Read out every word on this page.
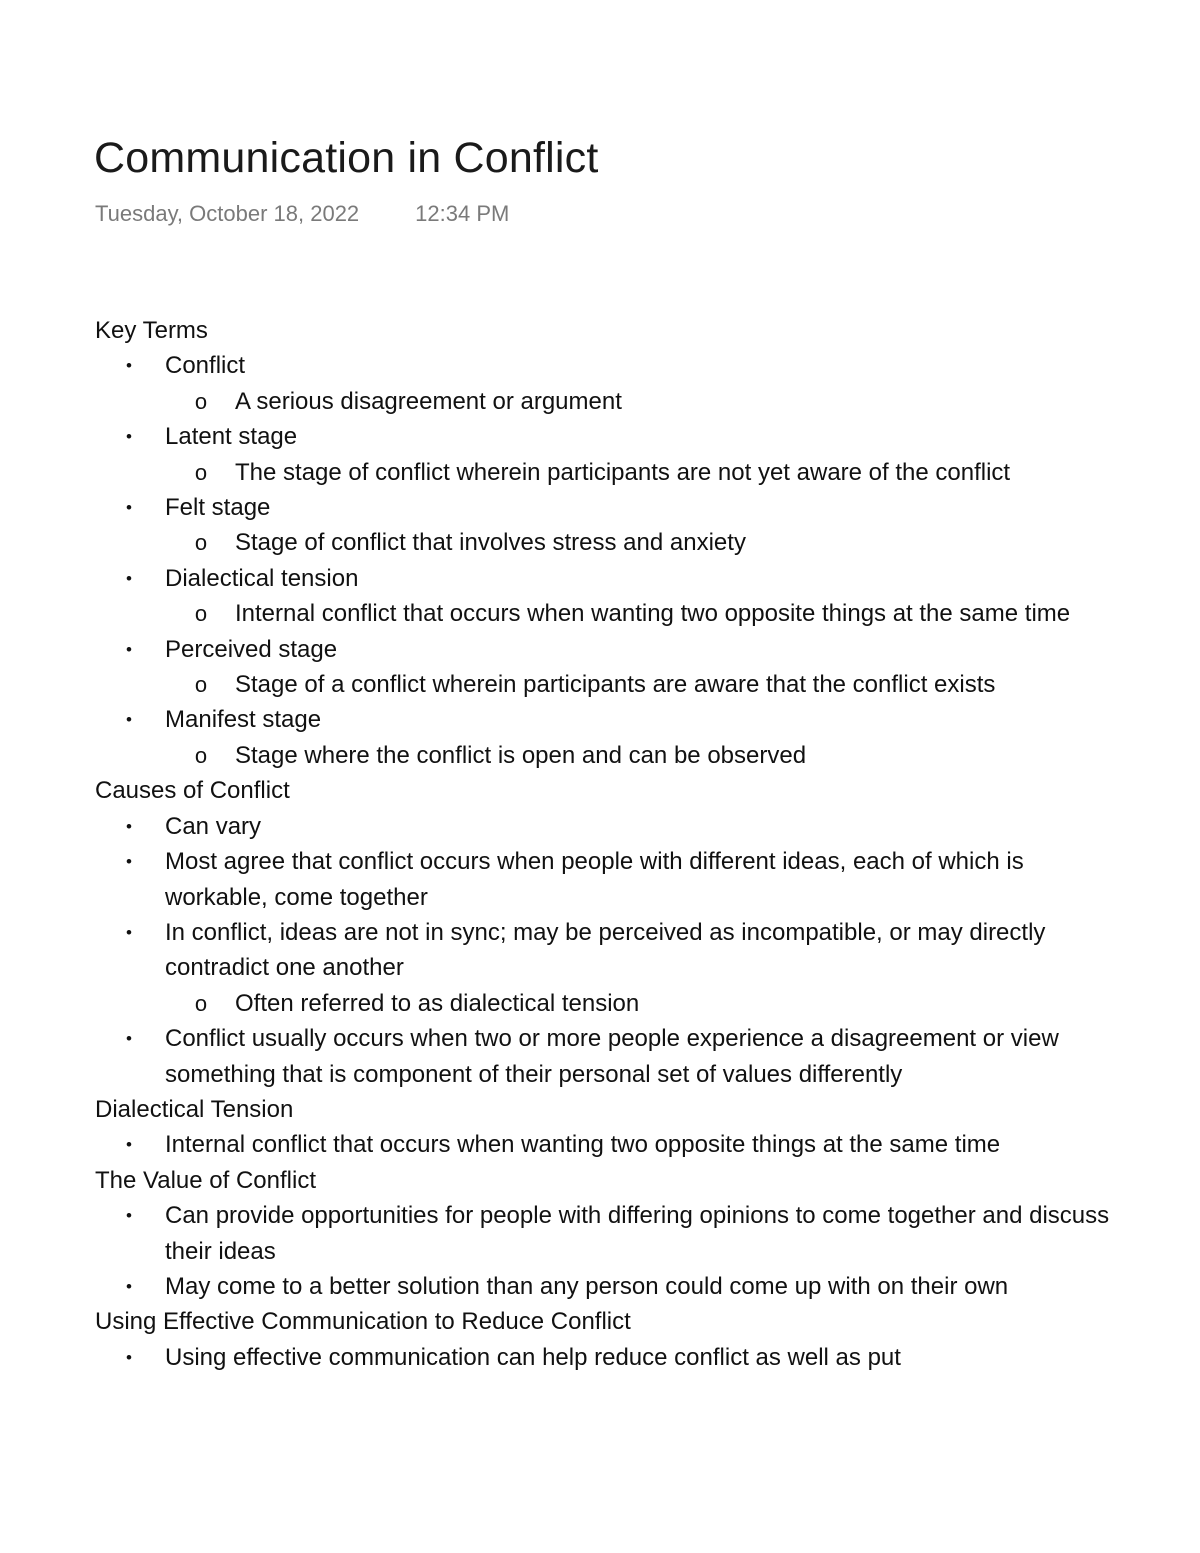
Communication in Conflict
Tuesday, October 18, 2022	12:34 PM
Key Terms
•	Conflict
o A serious disagreement or argument
•	Latent stage
o The stage of conflict wherein participants are not yet aware of the conflict
•	Felt stage
o Stage of conflict that involves stress and anxiety
•	Dialectical tension
o Internal conflict that occurs when wanting two opposite things at the same time
•	Perceived stage
o Stage of a conflict wherein participants are aware that the conflict exists
•	Manifest stage
o Stage where the conflict is open and can be observed
Causes of Conflict
•	Can vary
•	Most agree that conflict occurs when people with different ideas, each of which is workable, come together
•	In conflict, ideas are not in sync; may be perceived as incompatible, or may directly contradict one another
o Often referred to as dialectical tension
•	Conflict usually occurs when two or more people experience a disagreement or view something that is component of their personal set of values differently
Dialectical Tension
•	Internal conflict that occurs when wanting two opposite things at the same time
The Value of Conflict
•	Can provide opportunities for people with differing opinions to come together and discuss their ideas
•	May come to a better solution than any person could come up with on their own
Using Effective Communication to Reduce Conflict
•	Using effective communication can help reduce conflict as well as put
